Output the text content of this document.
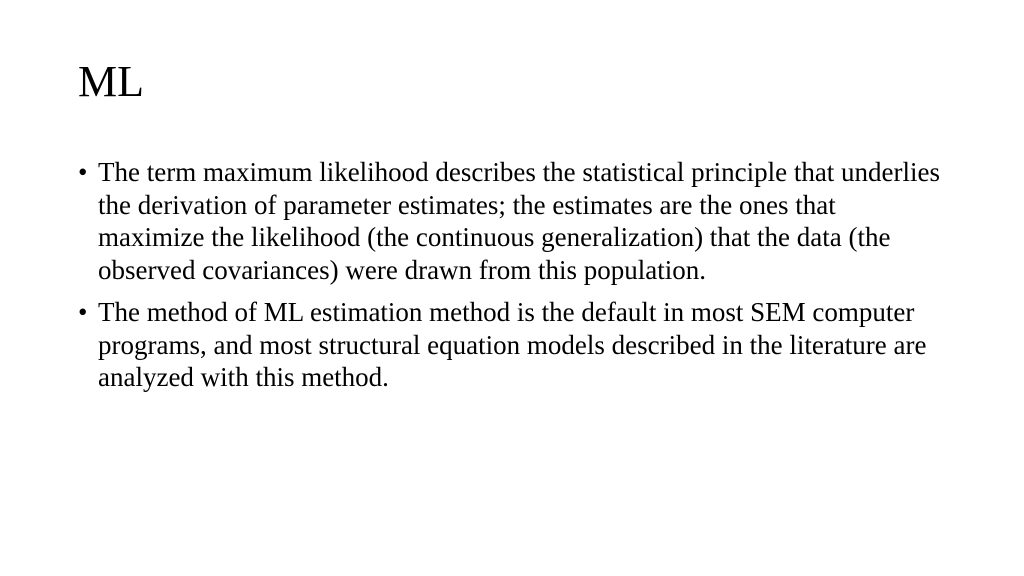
ML
• The term maximum likelihood describes the statistical principle that underlies the derivation of parameter estimates; the estimates are the ones that maximize the likelihood (the continuous generalization) that the data (the observed covariances) were drawn from this population.
• The method of ML estimation method is the default in most SEM computer programs, and most structural equation models described in the literature are analyzed with this method.
